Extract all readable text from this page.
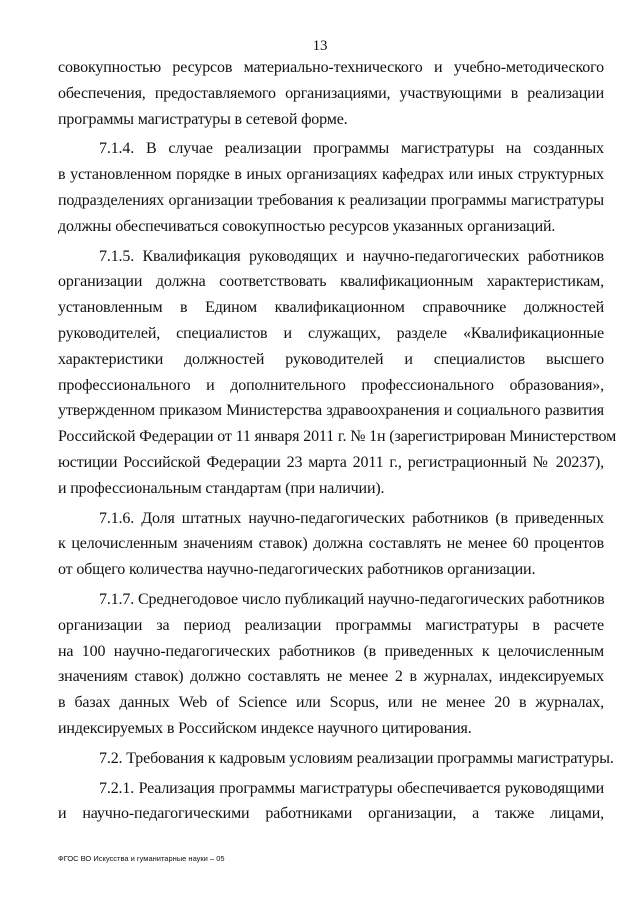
13
совокупностью ресурсов материально-технического и учебно-методического
обеспечения, предоставляемого организациями, участвующими в реализации
программы магистратуры в сетевой форме.
7.1.4. В случае реализации программы магистратуры на созданных
в установленном порядке в иных организациях кафедрах или иных структурных
подразделениях организации требования к реализации программы магистратуры
должны обеспечиваться совокупностью ресурсов указанных организаций.
7.1.5. Квалификация руководящих и научно-педагогических работников
организации должна соответствовать квалификационным характеристикам,
установленным в Едином квалификационном справочнике должностей
руководителей, специалистов и служащих, разделе «Квалификационные
характеристики должностей руководителей и специалистов высшего
профессионального и дополнительного профессионального образования»,
утвержденном приказом Министерства здравоохранения и социального развития
Российской Федерации от 11 января 2011 г. № 1н (зарегистрирован Министерством
юстиции Российской Федерации 23 марта 2011 г., регистрационный № 20237),
и профессиональным стандартам (при наличии).
7.1.6. Доля штатных научно-педагогических работников (в приведенных
к целочисленным значениям ставок) должна составлять не менее 60 процентов
от общего количества научно-педагогических работников организации.
7.1.7. Среднегодовое число публикаций научно-педагогических работников
организации за период реализации программы магистратуры в расчете
на 100 научно-педагогических работников (в приведенных к целочисленным
значениям ставок) должно составлять не менее 2 в журналах, индексируемых
в базах данных Web of Science или Scopus, или не менее 20 в журналах,
индексируемых в Российском индексе научного цитирования.
7.2. Требования к кадровым условиям реализации программы магистратуры.
7.2.1. Реализация программы магистратуры обеспечивается руководящими
и научно-педагогическими работниками организации, а также лицами,
ФГОС ВО Искусства и гуманитарные науки – 05
